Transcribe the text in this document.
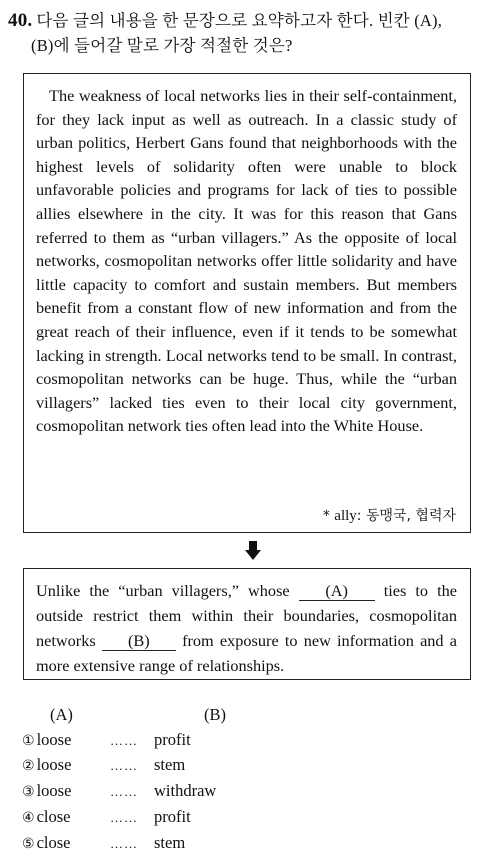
40. 다음 글의 내용을 한 문장으로 요약하고자 한다. 빈칸 (A),
(B)에 들어갈 말로 가장 적절한 것은?

The weakness of local networks lies in their self-containment, for they lack input as well as outreach. In a classic study of urban politics, Herbert Gans found that neighborhoods with the highest levels of solidarity often were unable to block unfavorable policies and programs for lack of ties to possible allies elsewhere in the city. It was for this reason that Gans referred to them as “urban villagers.” As the opposite of local networks, cosmopolitan networks offer little solidarity and have little capacity to comfort and sustain members. But members benefit from a constant flow of new information and from the great reach of their influence, even if it tends to be somewhat lacking in strength. Local networks tend to be small. In contrast, cosmopolitan networks can be huge. Thus, while the “urban villagers” lacked ties even to their local city government, cosmopolitan network ties often lead into the White House.

* ally: 동맹국, 협력자

Unlike the “urban villagers,” whose (A) ties to the outside restrict them within their boundaries, cosmopolitan networks (B) from exposure to new information and a more extensive range of relationships.

(A)	(B)
① loose	…… profit
② loose	…… stem
③ loose	…… withdraw
④ close	…… profit
⑤ close	…… stem
